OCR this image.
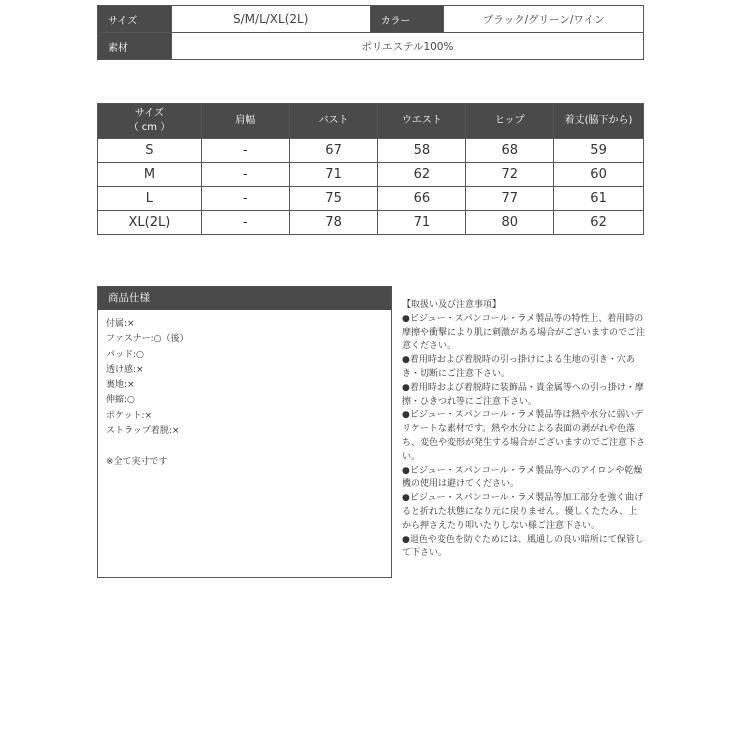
サイズ	S/M/L/XL(2L)	カラー	ブラック/グリーン/ワイン
素材	ポリエステル100%		
サイズ
（ cm ）	肩幅	バスト	ウエスト	ヒップ	着丈(脇下から)
S	-	67	58	68	59
M	-	71	62	72	60
L	-	75	66	77	61
XL(2L)	-	78	71	80	62
商品仕様
付属:×
ファスナー:○（後）
パッド:○
透け感:×
裏地:×
伸縮:○
ポケット:×
ストラップ着脱:×
※全て実寸です

【取扱い及び注意事項】

●ビジュー・スパンコール・ラメ製品等の特性上、着用時の摩擦や衝撃により肌に刺激がある場合がございますのでご注意ください。

●着用時および着脱時の引っ掛けによる生地の引き・穴あき・切断にご注意下さい。

●着用時および着脱時に装飾品・貴金属等への引っ掛け・摩擦・ひきつれ等にご注意下さい。

●ビジュー・スパンコール・ラメ製品等は熱や水分に弱いデリケートな素材です。熱や水分による表面の剥がれや色落ち、変色や変形が発生する場合がございますのでご注意下さい。

●ビジュー・スパンコール・ラメ製品等へのアイロンや乾燥機の使用は避けてください。

●ビジュー・スパンコール・ラメ製品等加工部分を強く曲げると折れた状態になり元に戻りません。優しくたたみ、上から押さえたり叩いたりしない様ご注意下さい。

●退色や変色を防ぐためには、風通しの良い暗所にて保管して下さい。
